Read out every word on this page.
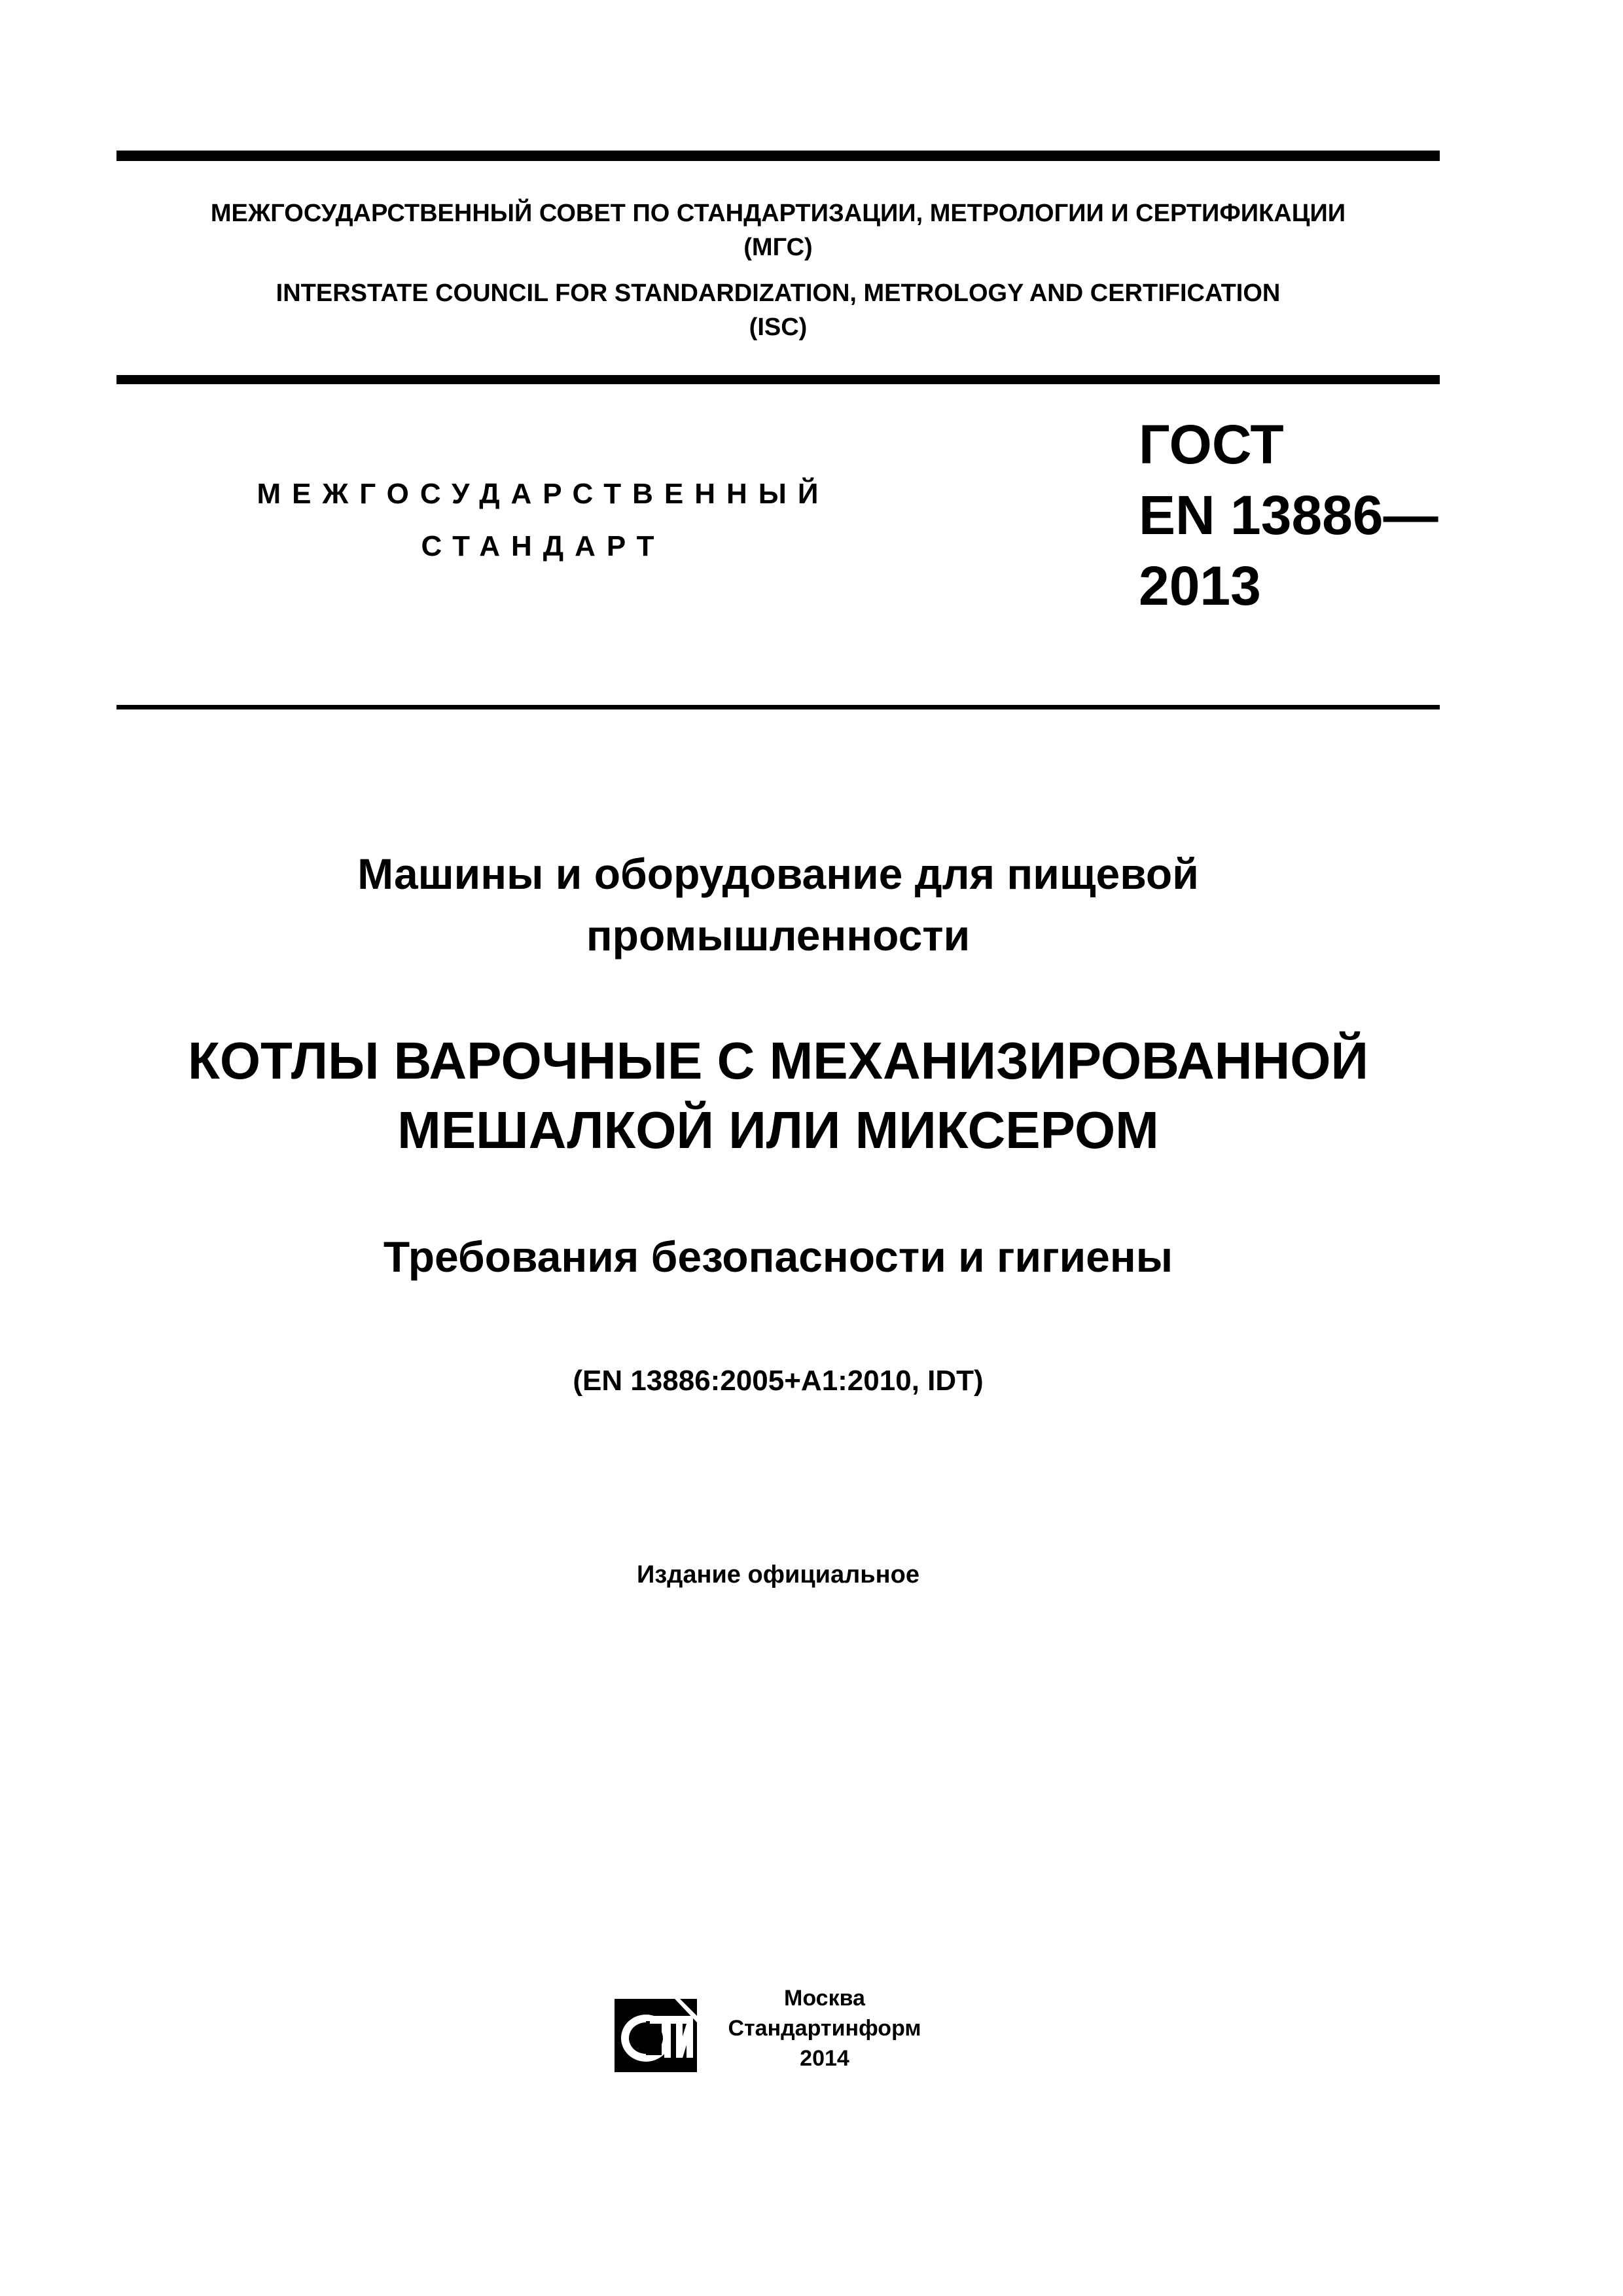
МЕЖГОСУДАРСТВЕННЫЙ СОВЕТ ПО СТАНДАРТИЗАЦИИ, МЕТРОЛОГИИ И СЕРТИФИКАЦИИ
(МГС)
INTERSTATE COUNCIL FOR STANDARDIZATION, METROLOGY AND CERTIFICATION
(ISC)
МЕЖГОСУДАРСТВЕННЫЙ
СТАНДАРТ
ГОСТ
EN 13886—
2013
Машины и оборудование для пищевой
промышленности
КОТЛЫ ВАРОЧНЫЕ С МЕХАНИЗИРОВАННОЙ
МЕШАЛКОЙ ИЛИ МИКСЕРОМ
Требования безопасности и гигиены
(EN 13886:2005+A1:2010, IDT)
Издание официальное
Москва
Стандартинформ
2014
